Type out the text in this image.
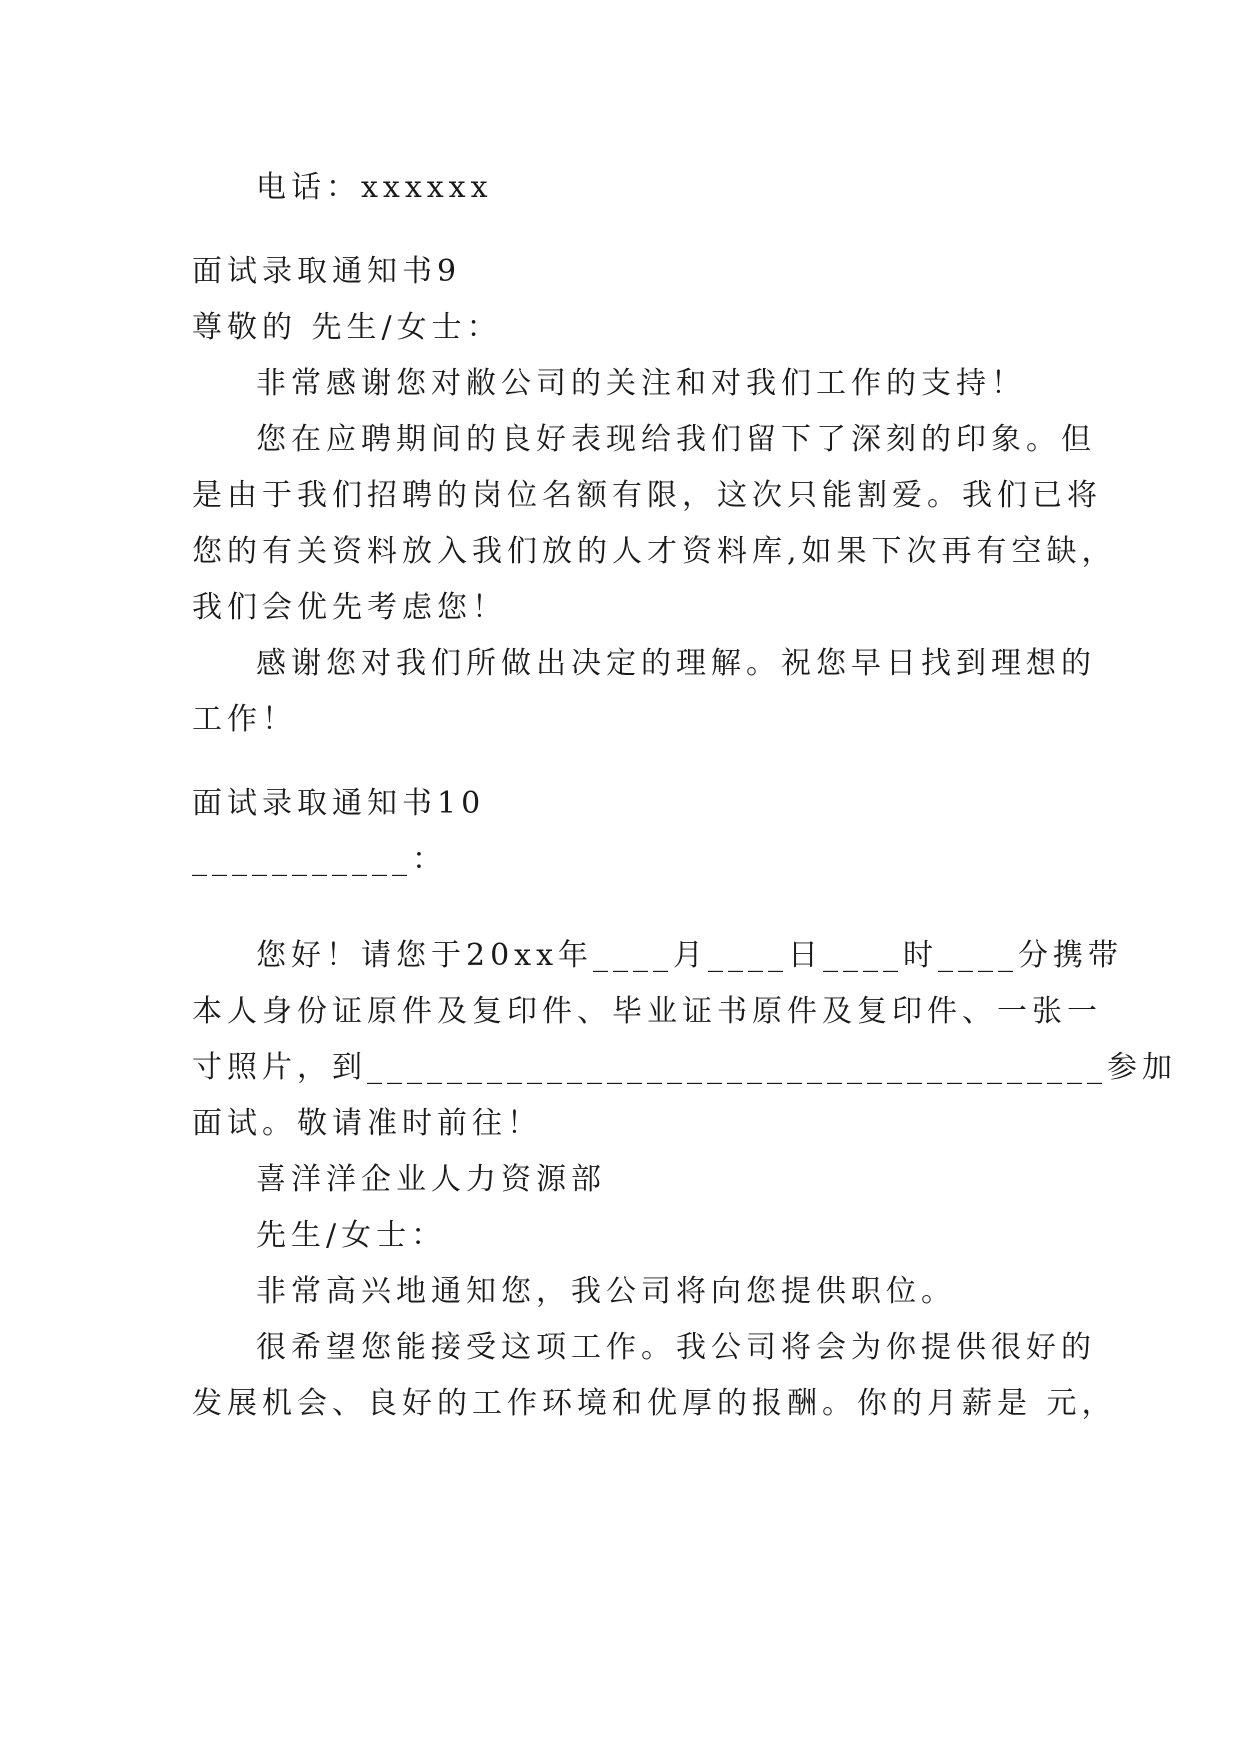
电话：xxxxxx
面试录取通知书9
尊敬的 先生/女士：
非常感谢您对敝公司的关注和对我们工作的支持！
您在应聘期间的良好表现给我们留下了深刻的印象。但
是由于我们招聘的岗位名额有限，这次只能割爱。我们已将
您的有关资料放入我们放的人才资料库,如果下次再有空缺，
我们会优先考虑您！
感谢您对我们所做出决定的理解。祝您早日找到理想的
工作！
面试录取通知书10
___________：
您好！请您于20xx年____月____日____时____分携带
本人身份证原件及复印件、毕业证书原件及复印件、一张一
寸照片，到_____________________________________参加
面试。敬请准时前往！
喜洋洋企业人力资源部
先生/女士：
非常高兴地通知您，我公司将向您提供职位。
很希望您能接受这项工作。我公司将会为你提供很好的
发展机会、良好的工作环境和优厚的报酬。你的月薪是 元，
